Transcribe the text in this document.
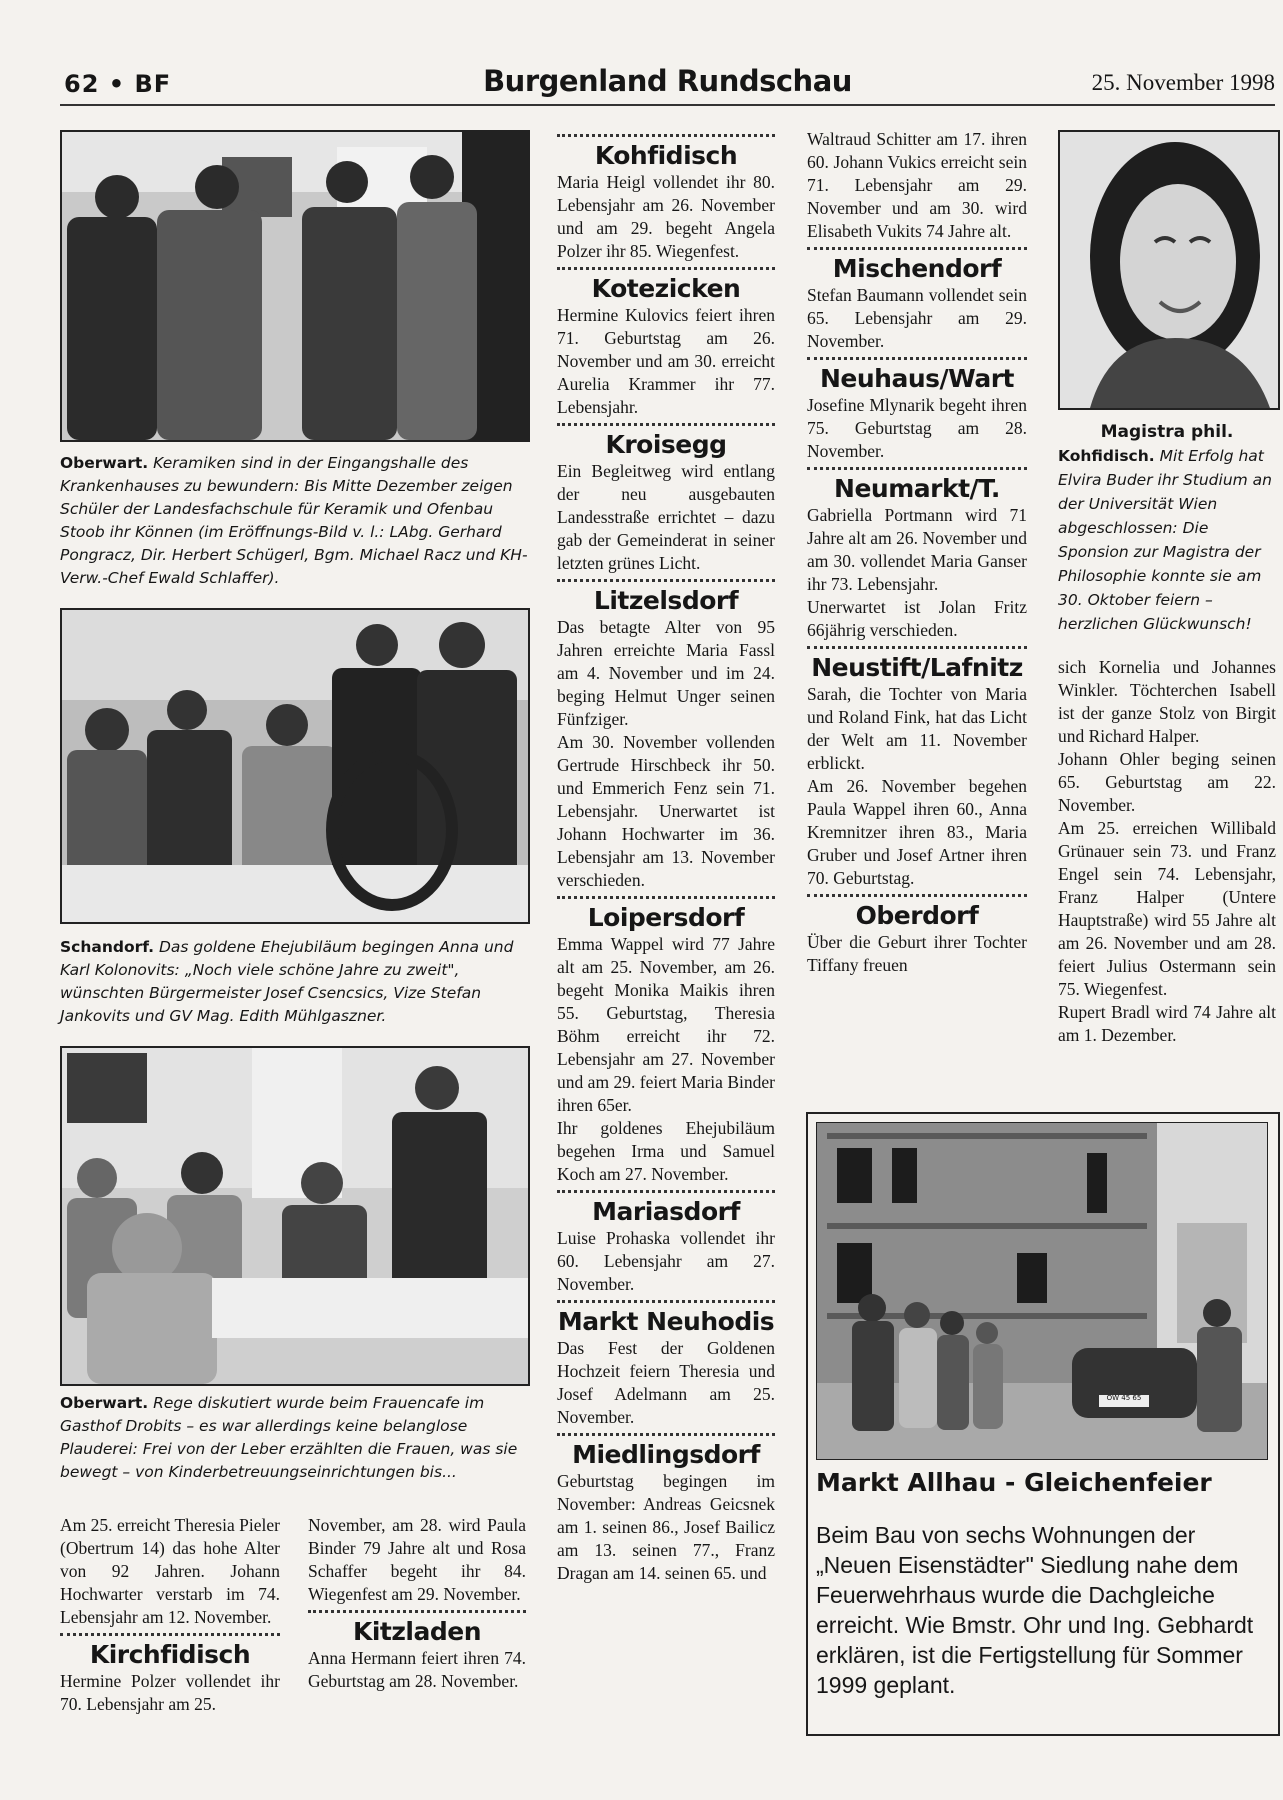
62 • BF	Burgenland Rundschau	25. November 1998
Oberwart. Keramiken sind in der Eingangshalle des Krankenhauses zu bewundern: Bis Mitte Dezember zeigen Schüler der Landesfachschule für Keramik und Ofenbau Stoob ihr Können (im Eröffnungs-Bild v. l.: LAbg. Gerhard Pongracz, Dir. Herbert Schügerl, Bgm. Michael Racz und KH-Verw.-Chef Ewald Schlaffer).
Schandorf. Das goldene Ehejubiläum begingen Anna und Karl Kolonovits: „Noch viele schöne Jahre zu zweit", wünschten Bürgermeister Josef Csencsics, Vize Stefan Jankovits und GV Mag. Edith Mühlgaszner.
Oberwart. Rege diskutiert wurde beim Frauencafe im Gasthof Drobits – es war allerdings keine belanglose Plauderei: Frei von der Leber erzählten die Frauen, was sie bewegt – von Kinderbetreuungseinrichtungen bis...

Am 25. erreicht Theresia Pieler (Obertrum 14) das hohe Alter von 92 Jahren. Johann Hochwarter verstarb im 74. Lebensjahr am 12. November.

Kirchfidisch

Hermine Polzer vollendet ihr 70. Lebensjahr am 25.

November, am 28. wird Paula Binder 79 Jahre alt und Rosa Schaffer begeht ihr 84. Wiegenfest am 29. November.

Kitzladen

Anna Hermann feiert ihren 74. Geburtstag am 28. November.

Kohfidisch

Maria Heigl vollendet ihr 80. Lebensjahr am 26. November und am 29. begeht Angela Polzer ihr 85. Wiegenfest.

Kotezicken

Hermine Kulovics feiert ihren 71. Geburtstag am 26. November und am 30. erreicht Aurelia Krammer ihr 77. Lebensjahr.

Kroisegg

Ein Begleitweg wird entlang der neu ausgebauten Landesstraße errichtet – dazu gab der Gemeinderat in seiner letzten grünes Licht.

Litzelsdorf

Das betagte Alter von 95 Jahren erreichte Maria Fassl am 4. November und im 24. beging Helmut Unger seinen Fünfziger.

Am 30. November vollenden Gertrude Hirschbeck ihr 50. und Emmerich Fenz sein 71. Lebensjahr. Unerwartet ist Johann Hochwarter im 36. Lebensjahr am 13. November verschieden.

Loipersdorf

Emma Wappel wird 77 Jahre alt am 25. November, am 26. begeht Monika Maikis ihren 55. Geburtstag, Theresia Böhm erreicht ihr 72. Lebensjahr am 27. November und am 29. feiert Maria Binder ihren 65er.

Ihr goldenes Ehejubiläum begehen Irma und Samuel Koch am 27. November.

Mariasdorf

Luise Prohaska vollendet ihr 60. Lebensjahr am 27. November.

Markt Neuhodis

Das Fest der Goldenen Hochzeit feiern Theresia und Josef Adelmann am 25. November.

Miedlingsdorf

Geburtstag begingen im November: Andreas Geicsnek am 1. seinen 86., Josef Bailicz am 13. seinen 77., Franz Dragan am 14. seinen 65. und

Waltraud Schitter am 17. ihren 60. Johann Vukics erreicht sein 71. Lebensjahr am 29. November und am 30. wird Elisabeth Vukits 74 Jahre alt.

Mischendorf

Stefan Baumann vollendet sein 65. Lebensjahr am 29. November.

Neuhaus/Wart

Josefine Mlynarik begeht ihren 75. Geburtstag am 28. November.

Neumarkt/T.

Gabriella Portmann wird 71 Jahre alt am 26. November und am 30. vollendet Maria Ganser ihr 73. Lebensjahr.

Unerwartet ist Jolan Fritz 66jährig verschieden.

Neustift/Lafnitz

Sarah, die Tochter von Maria und Roland Fink, hat das Licht der Welt am 11. November erblickt.

Am 26. November begehen Paula Wappel ihren 60., Anna Kremnitzer ihren 83., Maria Gruber und Josef Artner ihren 70. Geburtstag.

Oberdorf

Über die Geburt ihrer Tochter Tiffany freuen

Magistra phil.
Kohfidisch. Mit Erfolg hat Elvira Buder ihr Studium an der Universität Wien abgeschlossen: Die Sponsion zur Magistra der Philosophie konnte sie am 30. Oktober feiern – herzlichen Glückwunsch!

sich Kornelia und Johannes Winkler. Töchterchen Isabell ist der ganze Stolz von Birgit und Richard Halper.

Johann Ohler beging seinen 65. Geburtstag am 22. November.

Am 25. erreichen Willibald Grünauer sein 73. und Franz Engel sein 74. Lebensjahr, Franz Halper (Untere Hauptstraße) wird 55 Jahre alt am 26. November und am 28. feiert Julius Ostermann sein 75. Wiegenfest.

Rupert Bradl wird 74 Jahre alt am 1. Dezember.

OW 45 65
Markt Allhau - Gleichenfeier
Beim Bau von sechs Wohnungen der „Neuen Eisenstädter" Siedlung nahe dem Feuerwehrhaus wurde die Dachgleiche erreicht. Wie Bmstr. Ohr und Ing. Gebhardt erklären, ist die Fertigstellung für Sommer 1999 geplant.
